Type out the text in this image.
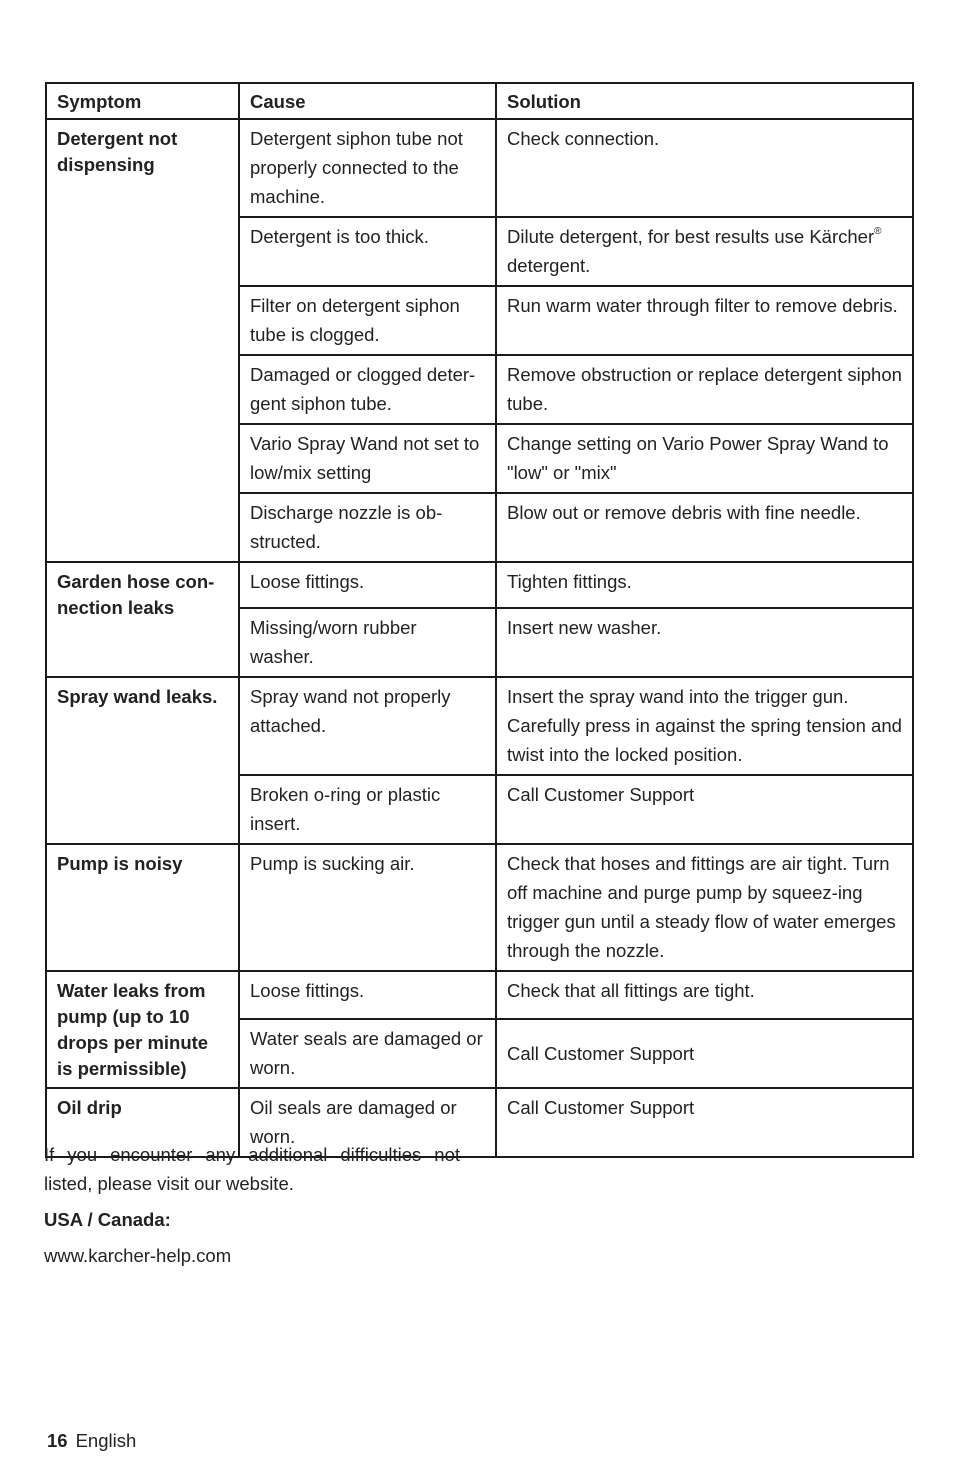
Symptom	Cause	Solution
Detergent not dispensing	Detergent siphon tube not properly connected to the machine.	Check connection.
	Detergent is too thick.	Dilute detergent, for best results use Kärcher® detergent.
	Filter on detergent siphon tube is clogged.	Run warm water through filter to remove debris.
	Damaged or clogged deter-gent siphon tube.	Remove obstruction or replace detergent siphon tube.
	Vario Spray Wand not set to low/mix setting	Change setting on Vario Power Spray Wand to "low" or "mix"
	Discharge nozzle is ob-structed.	Blow out or remove debris with fine needle.
Garden hose con-nection leaks	Loose fittings.	Tighten fittings.
	Missing/worn rubber washer.	Insert new washer.
Spray wand leaks.	Spray wand not properly attached.	Insert the spray wand into the trigger gun. Carefully press in against the spring tension and twist into the locked position.
	Broken o-ring or plastic insert.	Call Customer Support
Pump is noisy	Pump is sucking air.	Check that hoses and fittings are air tight. Turn off machine and purge pump by squeez-ing trigger gun until a steady flow of water emerges through the nozzle.
Water leaks from pump (up to 10 drops per minute is permissible)	Loose fittings.	Check that all fittings are tight.
	Water seals are damaged or worn.	Call Customer Support
Oil drip	Oil seals are damaged or worn.	Call Customer Support

If you encounter any additional difficulties not listed, please visit our website.

USA / Canada:

www.karcher-help.com

16 English
